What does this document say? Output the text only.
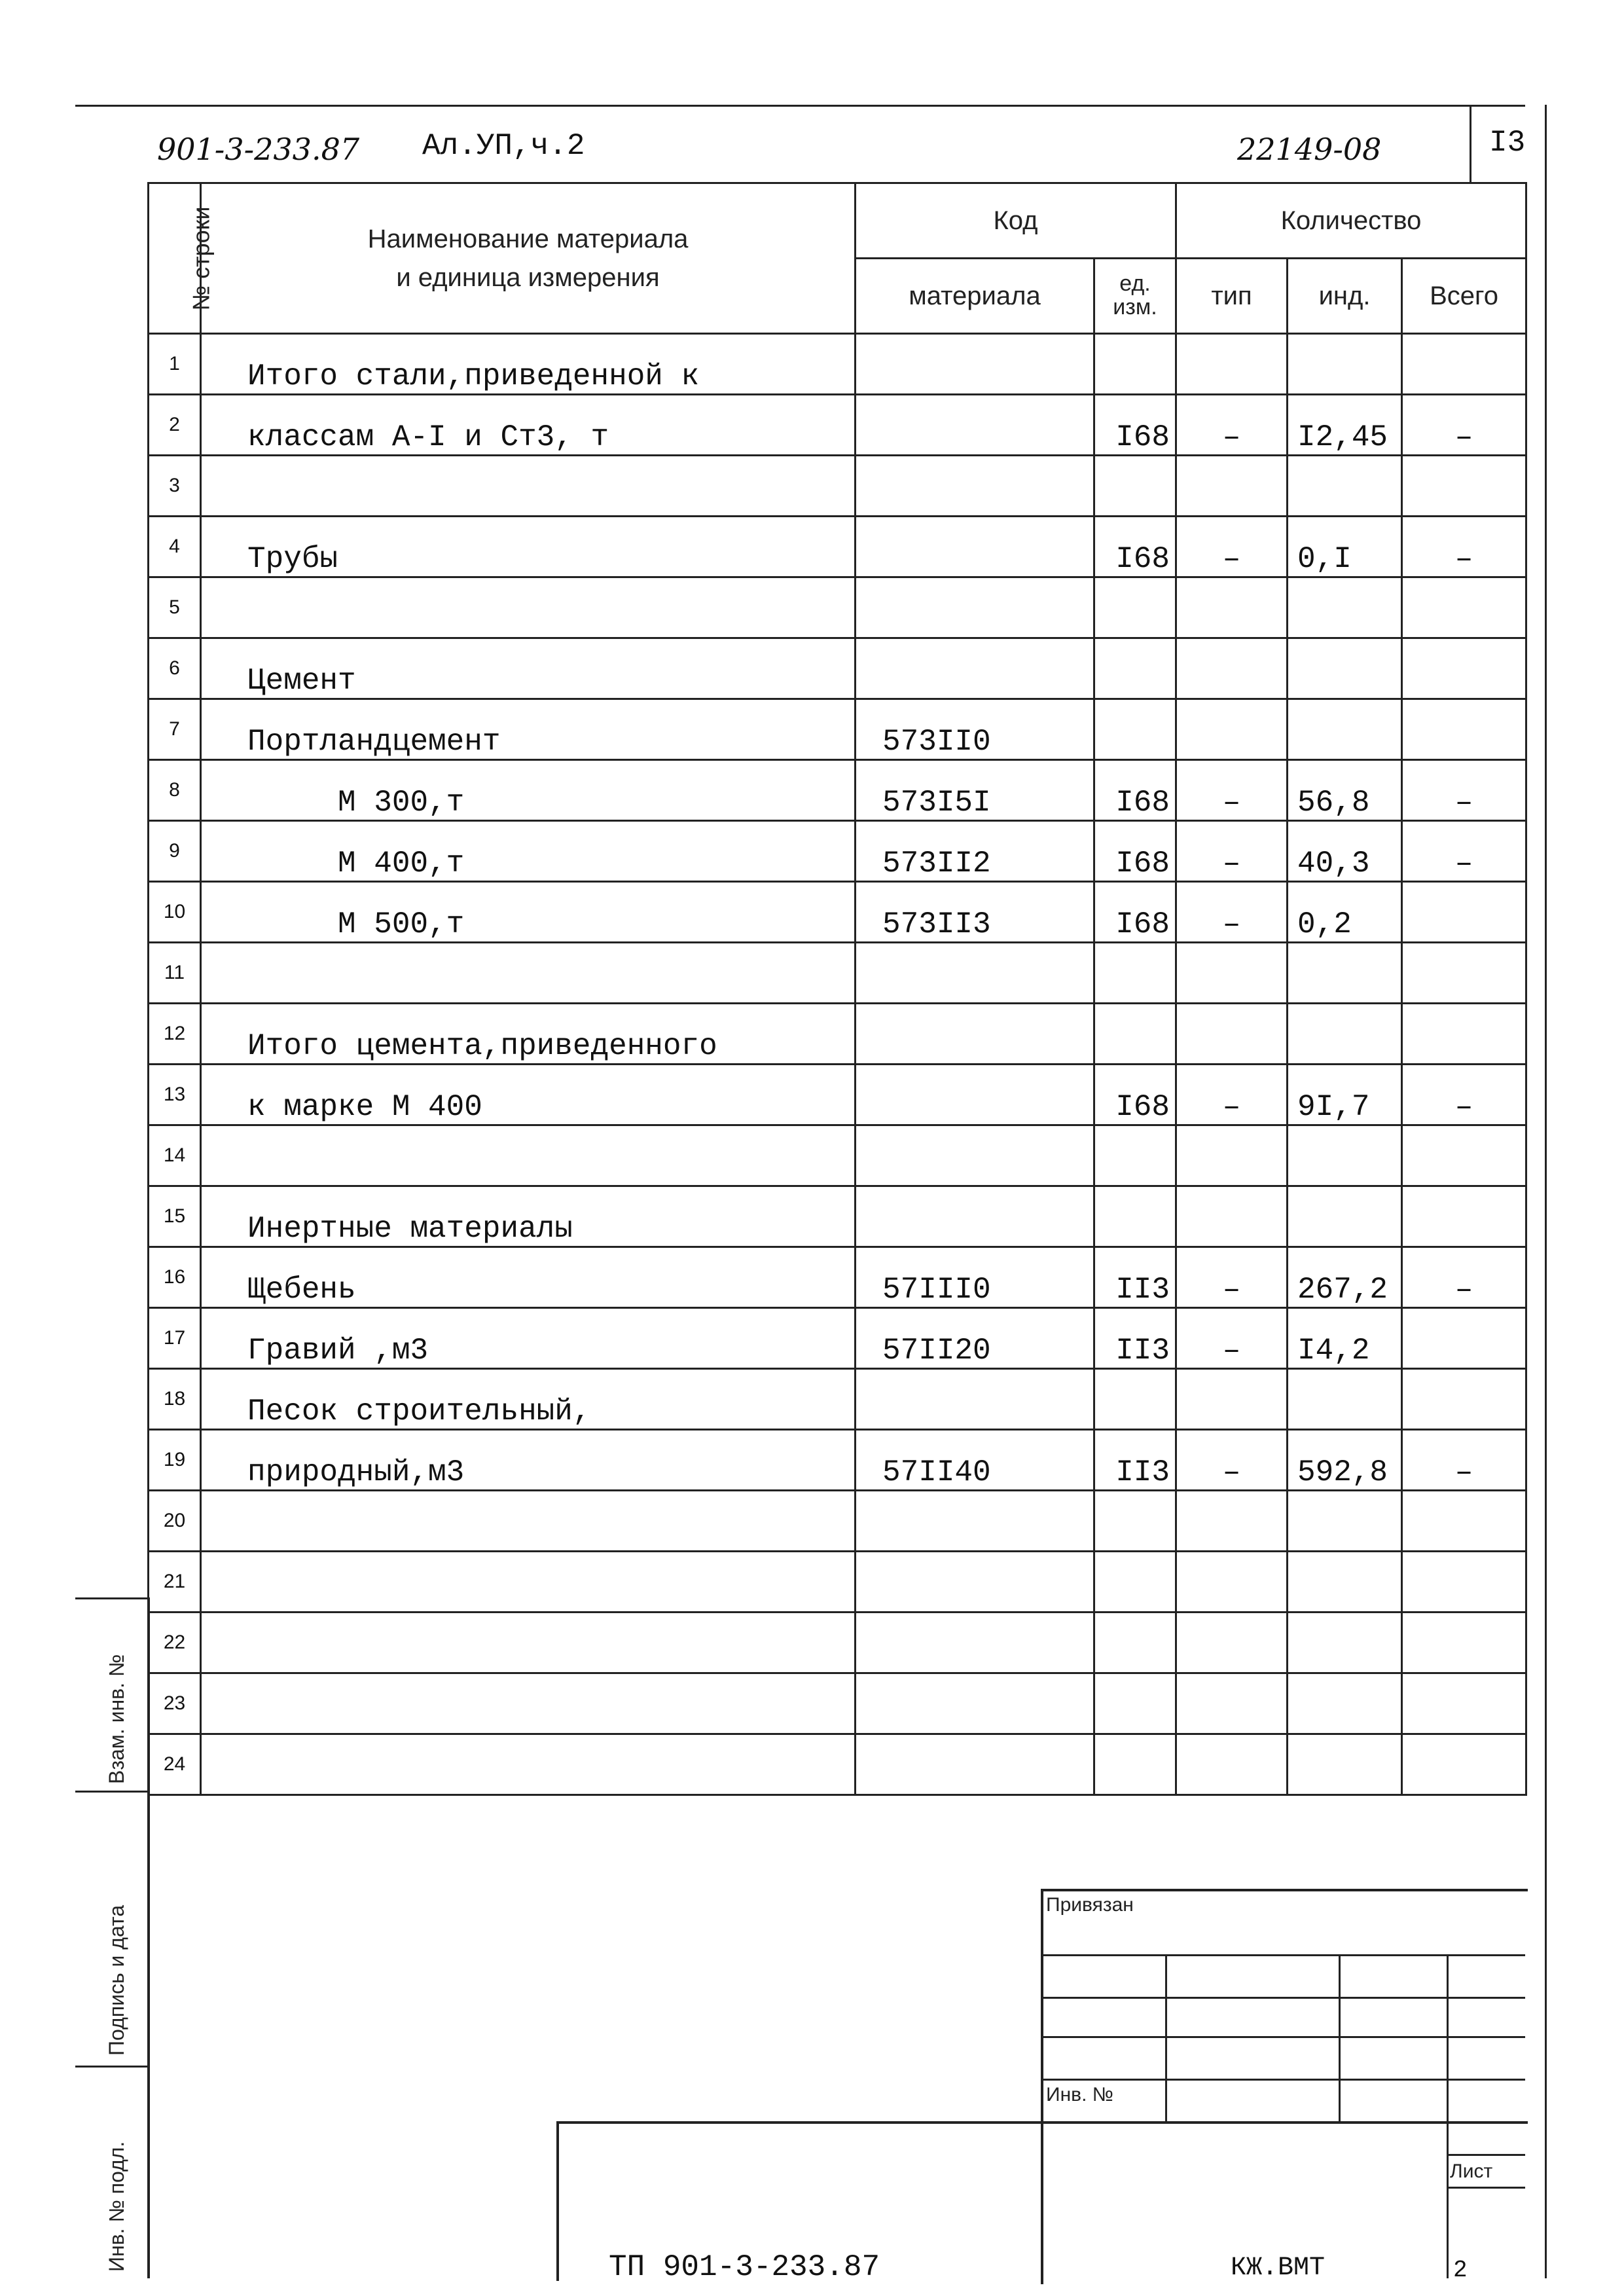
901-3-233.87 Ал.УП,ч.2	22149-08	I3
№ строки	Наименование материала
и единица измерения	Код		Количество		
		материала	ед. изм.	тип	инд.	Всего
1	Итого стали,приведенной к					
2	классам А-I и Ст3, т		I68	–	I2,45	–
3						
4	Трубы		I68	–	0,I	–
5						
6	Цемент					
7	Портландцемент	573II0				
8	М 300,т	573I5I	I68	–	56,8	–
9	М 400,т	573II2	I68	–	40,3	–
10	М 500,т	573II3	I68	–	0,2	
11						
12	Итого цемента,приведенного					
13	к марке М 400		I68	–	9I,7	–
14						
15	Инертные материалы					
16	Щебень	57III0	II3	–	267,2	–
17	Гравий ,м3	57II20	II3	–	I4,2	
18	Песок строительный,					
19	природный,м3	57II40	II3	–	592,8	–
20						
21						
22						
23						
24						
Взам. инв. №
Подпись и дата
Инв. № подл.
Привязан
Инв. №
Лист
ТП 901-3-233.87	КЖ.ВМТ	2
